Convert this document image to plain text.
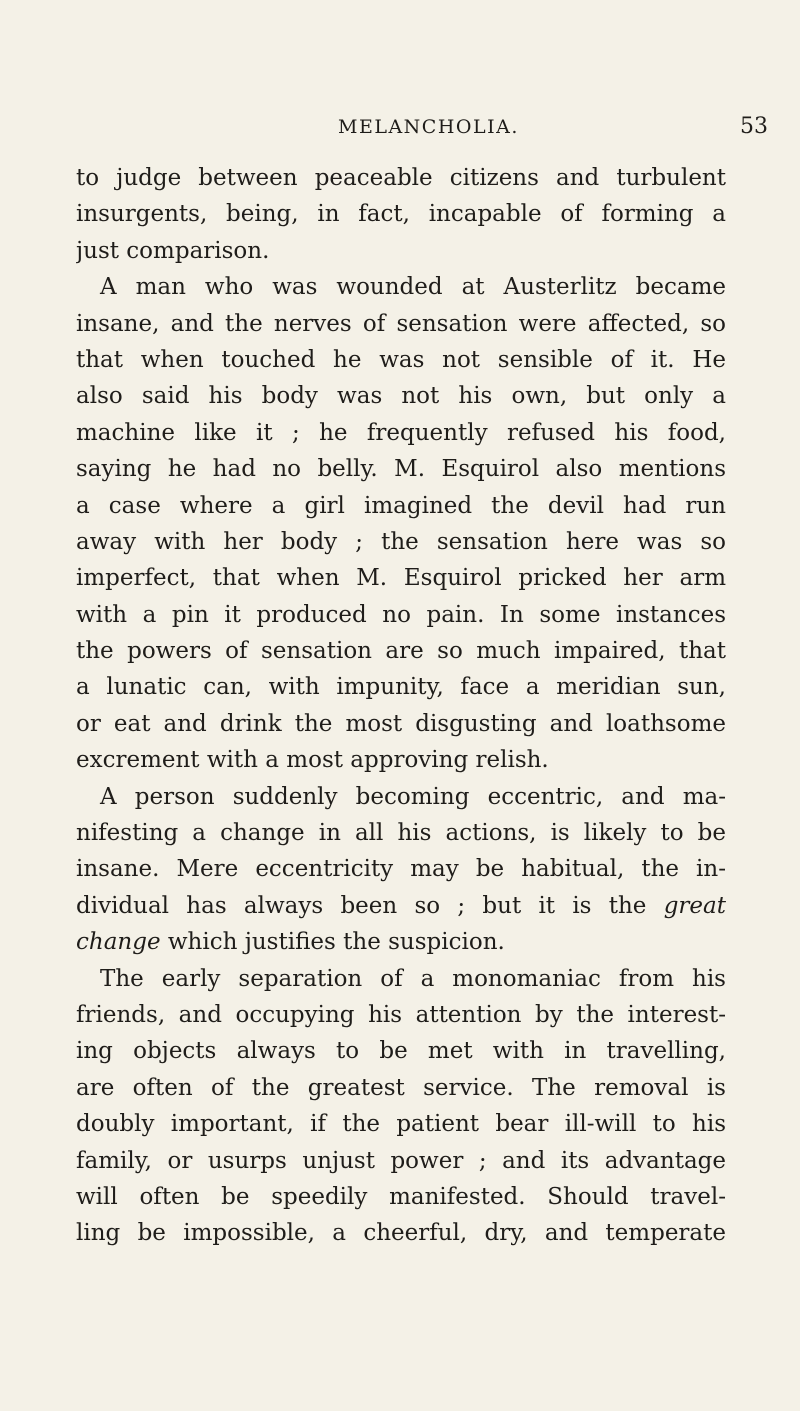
MELANCHOLIA.	53
to judge between peaceable citizens and turbulent
insurgents, being, in fact, incapable of forming a
just comparison.
A man who was wounded at Austerlitz became
insane, and the nerves of sensation were affected, so
that when touched he was not sensible of it. He
also said his body was not his own, but only a
machine like it ; he frequently refused his food,
saying he had no belly. M. Esquirol also mentions
a case where a girl imagined the devil had run
away with her body ; the sensation here was so
imperfect, that when M. Esquirol pricked her arm
with a pin it produced no pain. In some instances
the powers of sensation are so much impaired, that
a lunatic can, with impunity, face a meridian sun,
or eat and drink the most disgusting and loathsome
excrement with a most approving relish.
A person suddenly becoming eccentric, and ma-
nifesting a change in all his actions, is likely to be
insane. Mere eccentricity may be habitual, the in-
dividual has always been so ; but it is the great
change which justifies the suspicion.
The early separation of a monomaniac from his
friends, and occupying his attention by the interest-
ing objects always to be met with in travelling,
are often of the greatest service. The removal is
doubly important, if the patient bear ill-will to his
family, or usurps unjust power ; and its advantage
will often be speedily manifested. Should travel-
ling be impossible, a cheerful, dry, and temperate
